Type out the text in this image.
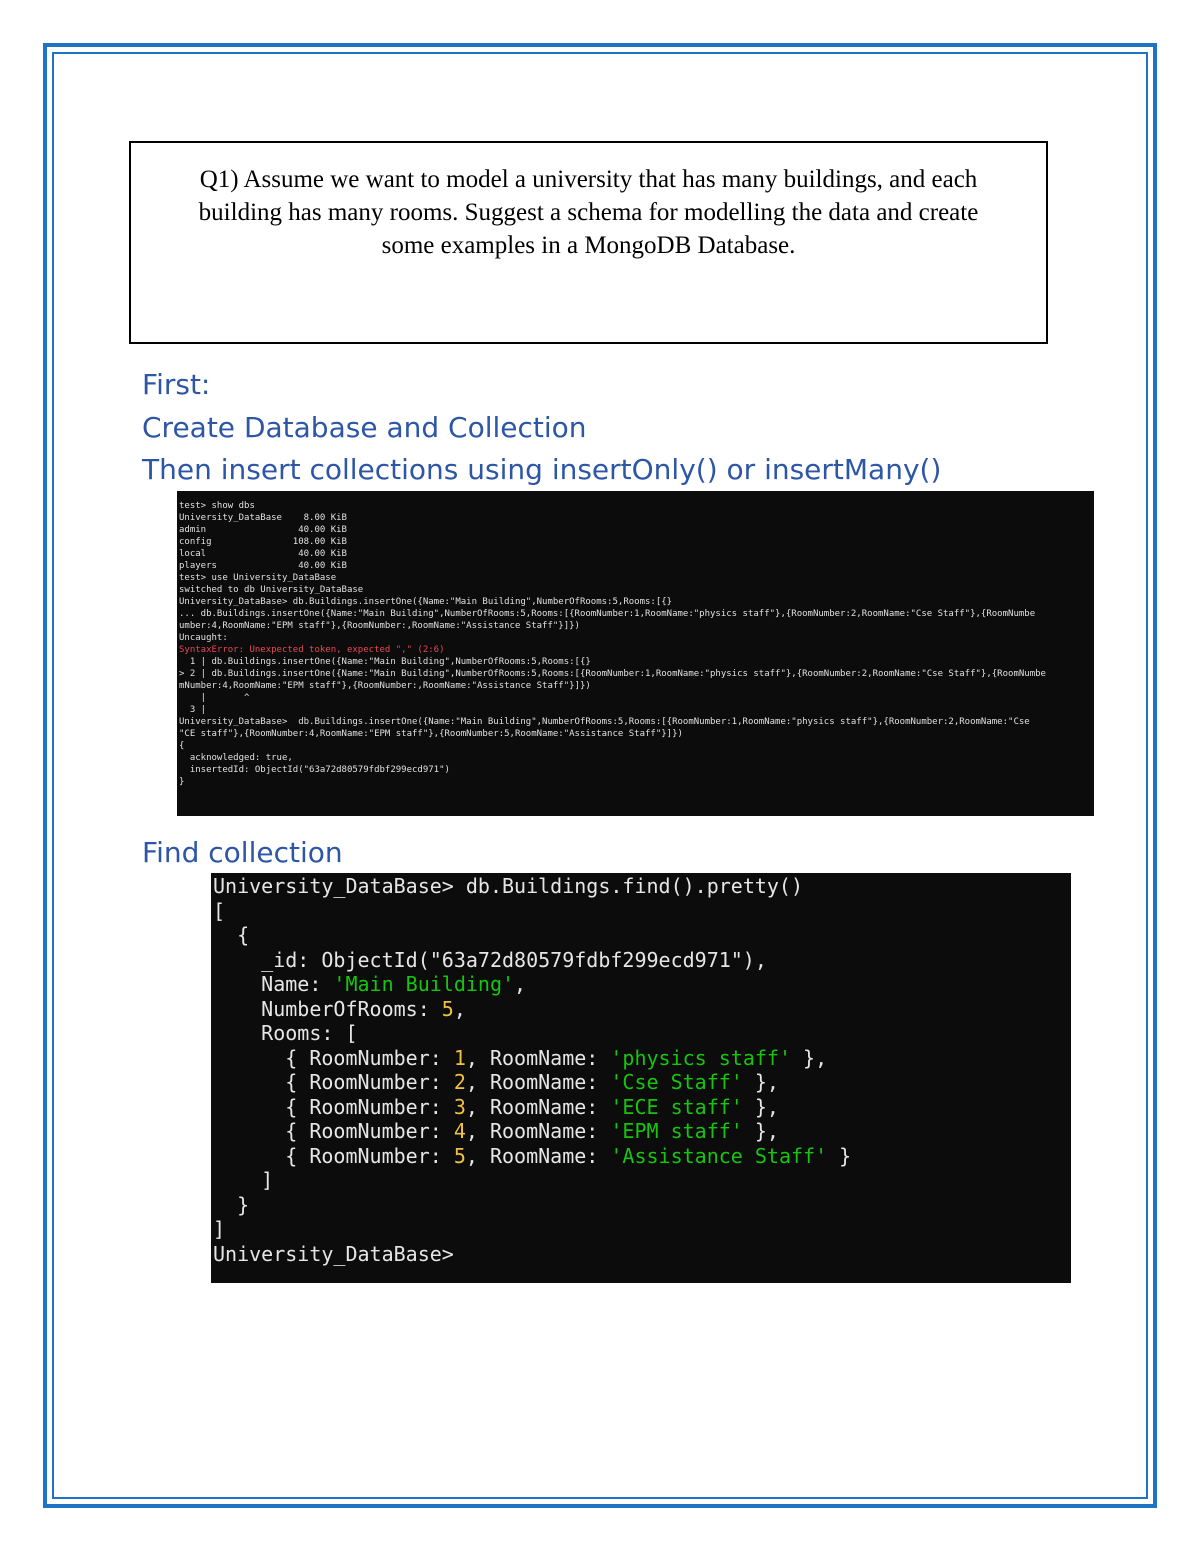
Q1) Assume we want to model a university that has many buildings, and each
building has many rooms. Suggest a schema for modelling the data and create
some examples in a MongoDB Database.
First:
Create Database and Collection
Then insert collections using insertOnly() or insertMany()
test> show dbs
University_DataBase    8.00 KiB
admin                 40.00 KiB
config               108.00 KiB
local                 40.00 KiB
players               40.00 KiB
test> use University_DataBase
switched to db University_DataBase
University_DataBase> db.Buildings.insertOne({Name:"Main Building",NumberOfRooms:5,Rooms:[{}
... db.Buildings.insertOne({Name:"Main Building",NumberOfRooms:5,Rooms:[{RoomNumber:1,RoomName:"physics staff"},{RoomNumber:2,RoomName:"Cse Staff"},{RoomNumbe
umber:4,RoomName:"EPM staff"},{RoomNumber:,RoomName:"Assistance Staff"}]})
Uncaught:
SyntaxError: Unexpected token, expected "," (2:6)
1 | db.Buildings.insertOne({Name:"Main Building",NumberOfRooms:5,Rooms:[{}
> 2 | db.Buildings.insertOne({Name:"Main Building",NumberOfRooms:5,Rooms:[{RoomNumber:1,RoomName:"physics staff"},{RoomNumber:2,RoomName:"Cse Staff"},{RoomNumbe
mNumber:4,RoomName:"EPM staff"},{RoomNumber:,RoomName:"Assistance Staff"}]})
|       ^
3 |
University_DataBase>  db.Buildings.insertOne({Name:"Main Building",NumberOfRooms:5,Rooms:[{RoomNumber:1,RoomName:"physics staff"},{RoomNumber:2,RoomName:"Cse
"CE staff"},{RoomNumber:4,RoomName:"EPM staff"},{RoomNumber:5,RoomName:"Assistance Staff"}]})
{
acknowledged: true,
insertedId: ObjectId("63a72d80579fdbf299ecd971")
}
Find collection
University_DataBase> db.Buildings.find().pretty()
[
{
_id: ObjectId("63a72d80579fdbf299ecd971"),
Name: 'Main Building',
NumberOfRooms: 5,
Rooms: [
{ RoomNumber: 1, RoomName: 'physics staff' },
{ RoomNumber: 2, RoomName: 'Cse Staff' },
{ RoomNumber: 3, RoomName: 'ECE staff' },
{ RoomNumber: 4, RoomName: 'EPM staff' },
{ RoomNumber: 5, RoomName: 'Assistance Staff' }
]
}
]
University_DataBase>
